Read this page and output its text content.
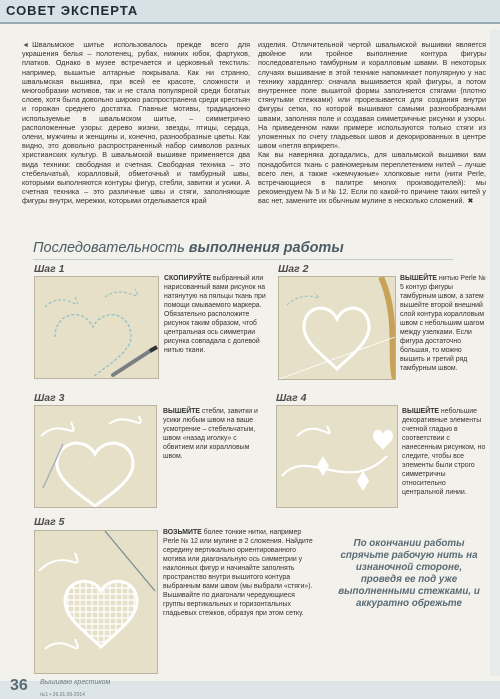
СОВЕТ ЭКСПЕРТА
◄ Швальмское шитье использовалось прежде всего для украшения белья – полотенец, рубах, нижних юбок, фартуков, платков. Однако в музее встречается и церковный текстиль: например, вышитые алтарные покрывала. Как ни странно, швальмская вышивка, при всей ее красоте, сложности и многообразии мотивов, так и не стала популярной среди богатых слоев, хотя была довольно широко распространена среди крестьян и горожан среднего достатка. Главные мотивы, традиционно используемые в швальмском шитье, – симметрично расположенные узоры: дерево жизни, звезды, птицы, сердца, олени, мужчины и женщины и, конечно, разнообразные цветы. Как видно, это довольно распространенный набор символов разных христианских культур. В швальмской вышивке применяется два вида техники: свободная и счетная. Свободная техника – это стебельчатый, коралловый, обметочный и тамбурный швы, которыми выполняются контуры фигур, стебли, завитки и усики. А счетная техника – это различные швы и стяги, заполняющие фигуры внутри, мережки, которыми отделывается край
изделия. Отличительной чертой швальмской вышивки является двойное или тройное выполнение контура фигуры последовательно тамбурным и коралловым швами. В некоторых случаях вышивание в этой технике напоминает популярную у нас технику хардангер: сначала вышивается край фигуры, а потом внутреннее поле вышитой формы заполняется стягами (плотно стянутыми стежками) или прорезывается для создания внутри фигуры сетки, по которой вышивают самыми разнообразными швами, заполняя поле и создавая симметричные рисунки и узоры. На приведенном нами примере используются только стяги из уложенных по счету гладьевых швов и декорированных в центре швом «петля вприкреп».
Как вы наверняка догадались, для швальмской вышивки вам понадобится ткань с равномерным переплетением нитей – лучше всего лен, а также «жемчужные» хлопковые нити (нити Perle, встречающиеся в палитре многих производителей): мы рекомендуем № 5 и № 12. Если по какой-то причине таких нитей у вас нет, замените их обычным мулине в несколько сложений. ✖
Последовательность выполнения работы
Шаг 1
СКОПИРУЙТЕ выбранный или нарисованный вами рисунок на натянутую на пяльцы ткань при помощи смываемого маркера. Обязательно расположите рисунок таким образом, чтоб центральная ось симметрии рисунка совпадала с долевой нитью ткани.
Шаг 2
ВЫШЕЙТЕ нитью Perle № 5 контур фигуры тамбурным швом, а затем вышейте второй внешний слой контура коралловым швом с небольшим шагом между узелками. Если фигура достаточно большая, то можно вышить и третий ряд тамбурным швом.
Шаг 3
ВЫШЕЙТЕ стебли, завитки и усики любым швом на ваше усмотрение – стебельчатым, швом «назад иголку» с обвитием или коралловым швом.
Шаг 4
ВЫШЕЙТЕ небольшие декоративные элементы счетной гладью в соответствии с нанесенным рисунком, но следите, чтобы все элементы были строго симметричны относительно центральной линии.
Шаг 5
ВОЗЬМИТЕ более тонкие нитки, например Perle № 12 или мулине в 2 сложения. Найдите середину вертикально ориентированного мотива или диагональную ось симметрии у наклонных фигур и начинайте заполнять пространство внутри вышитого контура выбранным вами швом (мы выбрали «стяги»). Вышивайте по диагонали чередующиеся группы вертикальных и горизонтальных гладьевых стежков, образуя при этом сетку.
По окончании работы спрячьте рабочую нить на изнаночной стороне, проведя ее под уже выполненными стежками, и аккуратно обрежьте
36 Вышиваю крестиком
№1 • 26.01.09-2014
